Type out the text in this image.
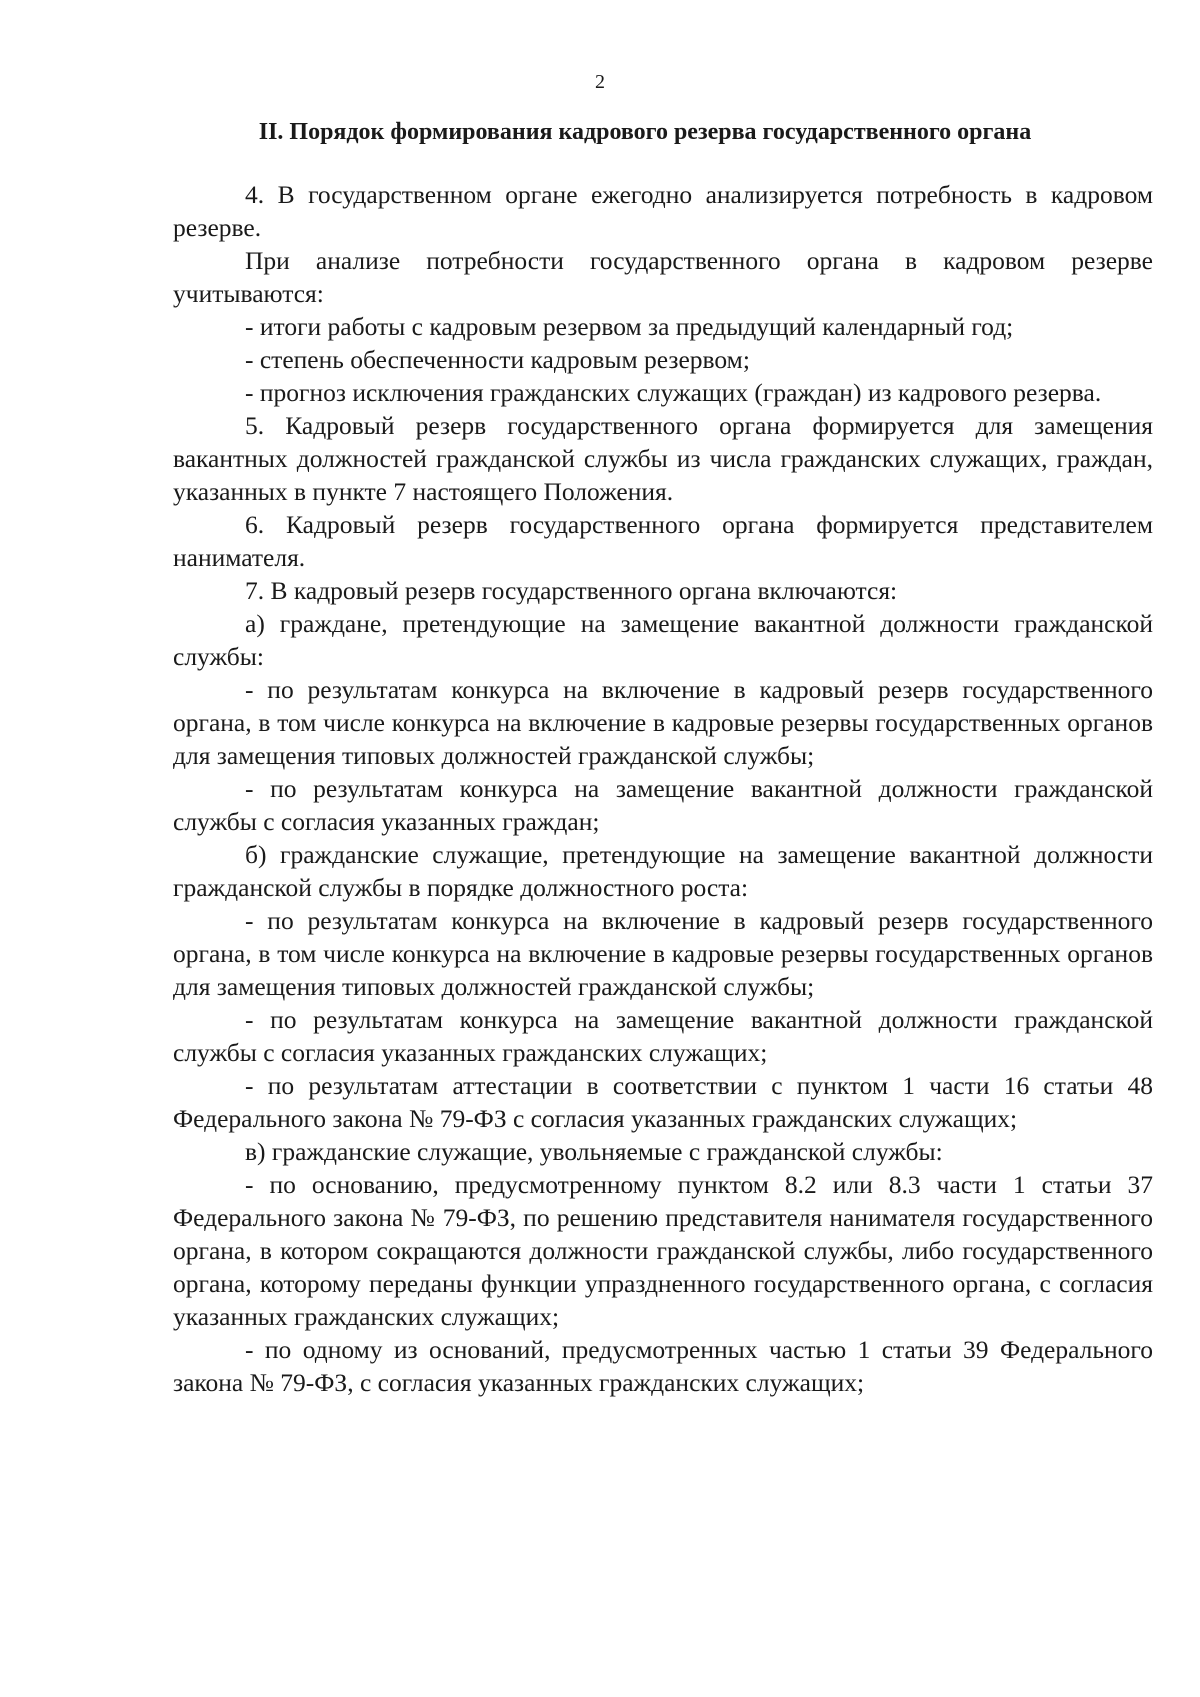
2
II. Порядок формирования кадрового резерва государственного органа

4. В государственном органе ежегодно анализируется потребность в кадровом резерве.

При анализе потребности государственного органа в кадровом резерве учитываются:

- итоги работы с кадровым резервом за предыдущий календарный год;

- степень обеспеченности кадровым резервом;

- прогноз исключения гражданских служащих (граждан) из кадрового резерва.

5. Кадровый резерв государственного органа формируется для замещения вакантных должностей гражданской службы из числа гражданских служащих, граждан, указанных в пункте 7 настоящего Положения.

6. Кадровый резерв государственного органа формируется представителем нанимателя.

7. В кадровый резерв государственного органа включаются:

а) граждане, претендующие на замещение вакантной должности гражданской службы:

- по результатам конкурса на включение в кадровый резерв государственного органа, в том числе конкурса на включение в кадровые резервы государственных органов для замещения типовых должностей гражданской службы;

- по результатам конкурса на замещение вакантной должности гражданской службы с согласия указанных граждан;

б) гражданские служащие, претендующие на замещение вакантной должности гражданской службы в порядке должностного роста:

- по результатам конкурса на включение в кадровый резерв государственного органа, в том числе конкурса на включение в кадровые резервы государственных органов для замещения типовых должностей гражданской службы;

- по результатам конкурса на замещение вакантной должности гражданской службы с согласия указанных гражданских служащих;

- по результатам аттестации в соответствии с пунктом 1 части 16 статьи 48 Федерального закона № 79-ФЗ с согласия указанных гражданских служащих;

в) гражданские служащие, увольняемые с гражданской службы:

- по основанию, предусмотренному пунктом 8.2 или 8.3 части 1 статьи 37 Федерального закона № 79-ФЗ, по решению представителя нанимателя государственного органа, в котором сокращаются должности гражданской службы, либо государственного органа, которому переданы функции упраздненного государственного органа, с согласия указанных гражданских служащих;

- по одному из оснований, предусмотренных частью 1 статьи 39 Федерального закона № 79-ФЗ, с согласия указанных гражданских служащих;
